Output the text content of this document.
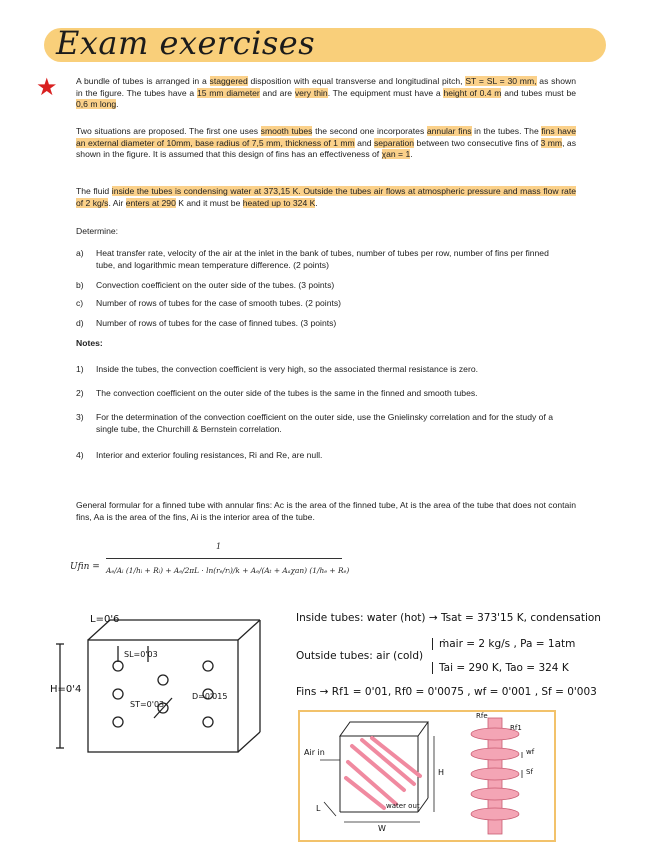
Exam exercises
★ A bundle of tubes is arranged in a staggered disposition with equal transverse and longitudinal pitch, ST = SL = 30 mm, as shown in the figure. The tubes have a 15 mm diameter and are very thin. The equipment must have a height of 0.4 m and tubes must be 0,6 m long.
Two situations are proposed. The first one uses smooth tubes the second one incorporates annular fins in the tubes. The fins have an external diameter of 10mm, base radius of 7,5 mm, thickness of 1 mm and separation between two consecutive fins of 3 mm, as shown in the figure. It is assumed that this design of fins has an effectiveness of χan = 1.
The fluid inside the tubes is condensing water at 373,15 K. Outside the tubes air flows at atmospheric pressure and mass flow rate of 2 kg/s. Air enters at 290 K and it must be heated up to 324 K.
Determine:
a) Heat transfer rate, velocity of the air at the inlet in the bank of tubes, number of tubes per row, number of fins per finned tube, and logarithmic mean temperature difference. (2 points)
b) Convection coefficient on the outer side of the tubes. (3 points)
c) Number of rows of tubes for the case of smooth tubes. (2 points)
d) Number of rows of tubes for the case of finned tubes. (3 points)
Notes:
1) Inside the tubes, the convection coefficient is very high, so the associated thermal resistance is zero.
2) The convection coefficient on the outer side of the tubes is the same in the finned and smooth tubes.
3) For the determination of the convection coefficient on the outer side, use the Gnielinsky correlation and for the study of a single tube, the Churchill & Bernstein correlation.
4) Interior and exterior fouling resistances, Ri and Re, are null.
General formular for a finned tube with annular fins: Ac is the area of the finned tube, At is the area of the tube that does not contain fins, Aa is the area of the fins, Ai is the interior area of the tube.
Ufin =
1
Aₑ/Aᵢ (1/hᵢ + Rᵢ) + Aₑ/2πL · ln(rₑ/rᵢ)/k + Aₑ/(Aₜ + Aₐχan) (1/hₑ + Rₑ)
L=0'6
H=0'4
SL=0'03
ST=0'03
D=0'015
Inside tubes: water (hot) → Tsat = 373'15 K, condensation
Outside tubes: air (cold)
ṁair = 2 kg/s , Pa = 1atm
Tai = 290 K, Tao = 324 K
Fins → Rf1 = 0'01, Rf0 = 0'0075 , wf = 0'001 , Sf = 0'003
Air in
water out
H
L
W
Rfe
Rf1
wf
Sf
